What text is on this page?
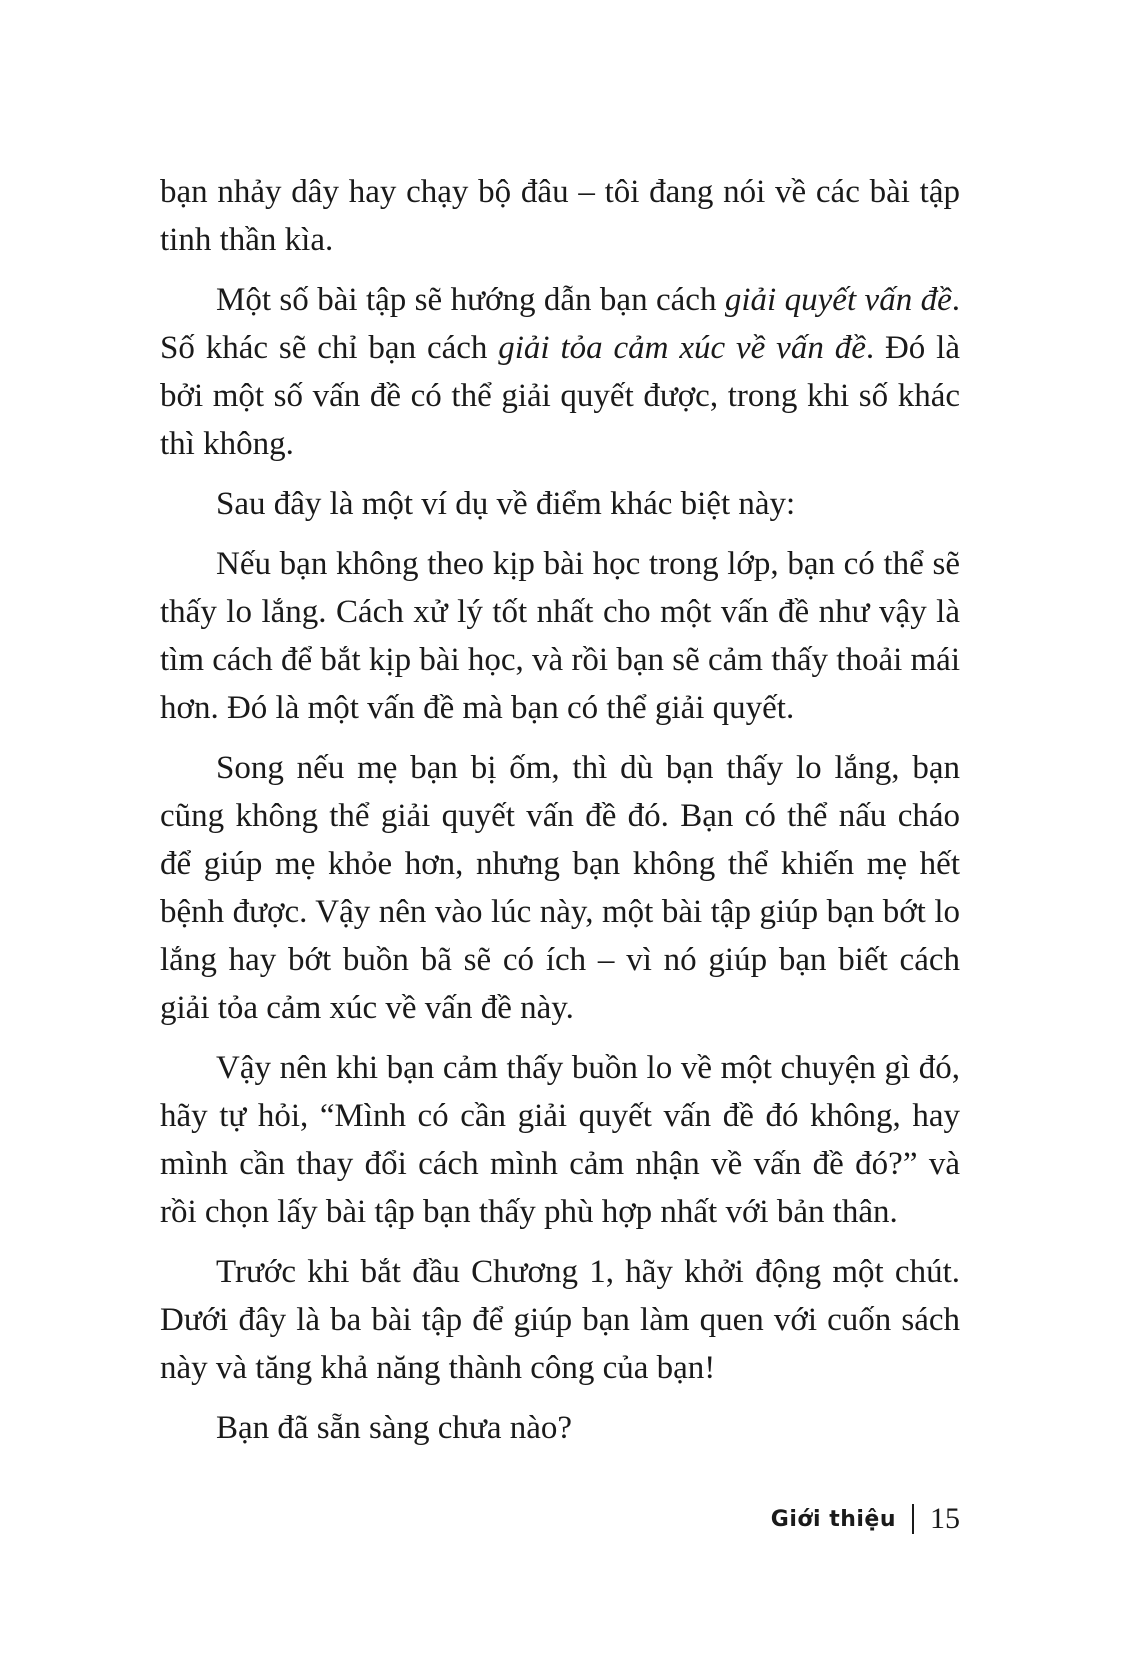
bạn nhảy dây hay chạy bộ đâu – tôi đang nói về các bài tập tinh thần kìa.

Một số bài tập sẽ hướng dẫn bạn cách giải quyết vấn đề. Số khác sẽ chỉ bạn cách giải tỏa cảm xúc về vấn đề. Đó là bởi một số vấn đề có thể giải quyết được, trong khi số khác thì không.

Sau đây là một ví dụ về điểm khác biệt này:

Nếu bạn không theo kịp bài học trong lớp, bạn có thể sẽ thấy lo lắng. Cách xử lý tốt nhất cho một vấn đề như vậy là tìm cách để bắt kịp bài học, và rồi bạn sẽ cảm thấy thoải mái hơn. Đó là một vấn đề mà bạn có thể giải quyết.

Song nếu mẹ bạn bị ốm, thì dù bạn thấy lo lắng, bạn cũng không thể giải quyết vấn đề đó. Bạn có thể nấu cháo để giúp mẹ khỏe hơn, nhưng bạn không thể khiến mẹ hết bệnh được. Vậy nên vào lúc này, một bài tập giúp bạn bớt lo lắng hay bớt buồn bã sẽ có ích – vì nó giúp bạn biết cách giải tỏa cảm xúc về vấn đề này.

Vậy nên khi bạn cảm thấy buồn lo về một chuyện gì đó, hãy tự hỏi, “Mình có cần giải quyết vấn đề đó không, hay mình cần thay đổi cách mình cảm nhận về vấn đề đó?” và rồi chọn lấy bài tập bạn thấy phù hợp nhất với bản thân.

Trước khi bắt đầu Chương 1, hãy khởi động một chút. Dưới đây là ba bài tập để giúp bạn làm quen với cuốn sách này và tăng khả năng thành công của bạn!

Bạn đã sẵn sàng chưa nào?

Giới thiệu 15
